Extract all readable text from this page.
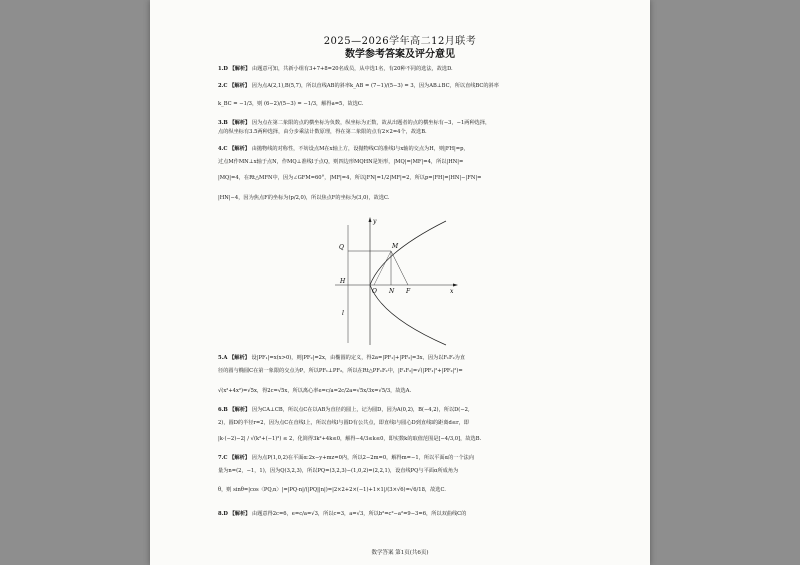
2025—2026学年高二12月联考
数学参考答案及评分意见
1.D 【解析】 由题意可知，共新小组有3+7+8=20名成员，从中选1名，有20种不同的选法，故选D.
2.C 【解析】 因为点A(2,1),B(5,7)，所以直线AB的斜率k_AB = (7−1)/(5−3) = 3，因为AB⊥BC，所以直线BC的斜率
k_BC = −1/3，则 (6−2)/(5−3) = −1/3，解得a=5，故选C.
3.B 【解析】 因为点在第二象限的点的横坐标为负数，纵坐标为正数，故从出题者的点的横坐标有−3，−1两种选择，
点的纵坐标有3.5两种选择，由分步乘法计数原理，得在第二象限的点有2×2=4个，故选B.
4.C 【解析】 由抛物线的对称性，不妨设点M在x轴上方，设抛物线C的准线l与x轴的交点为H，则|FH|=p，
过点M作MN⊥x轴于点N，作MQ⊥准线l于点Q，则四边形MQHN是矩形，|MQ|=|MF|=4，所以|HN|=
|MQ|=4，在Rt△MFN中，因为∠GFM=60°，|MF|=4，所以|FN|=1/2|MF|=2，所以p=|FH|=|HN|−|FN|=
|HN|−4，因为焦点F的坐标为(p/2,0)，所以焦点F的坐标为(3,0)，故选C.
Q	M
H
O N F	x
y
l
5.A 【解析】 设|PF₁|=x(x>0)，则|PF₂|=2x，由椭圆的定义，得2a=|PF₁|+|PF₂|=3x，因为以F₁F₂为直
径的圆与椭圆C在第一象限的交点为P，所以PF₁⊥PF₂，所以在Rt△PF₁F₂中，|F₁F₂|=√(|PF₁|²+|PF₂|²)=
√(x²+4x²)=√5x，得2c=√5x，所以离心率e=c/a=2c/2a=√5x/3x=√5/3，故选A.
6.B 【解析】 因为CA⊥CB，所以点C在以AB为直径的圆上，记为圆D，因为A(0,2)，B(−4,2)，所以D(−2,
2)，圆D的半径r=2，因为点C在直线l上，所以直线l与圆D有公共点，即直线l与圆心D到直线l的距离d≤r，即
|k·(−2)−2| / √(k²+(−1)²) ≤ 2，化简得3k²+4k≤0，解得−4/3≤k≤0，即实数k的取值范围是[−4/3,0]，故选B.
7.C 【解析】 因为点P(1,0,2)在平面α:2x−y+mz=0内，所以2−2m=0，解得m=−1，所以平面α的一个法向
量为n=(2，−1，1)，因为Q(3,2,3)，所以PQ=(3,2,3)−(1,0,2)=(2,2,1)，设直线PQ与平面α所成角为
θ，则 sinθ=|cos〈PQ,n〉|=|PQ·n|/(|PQ||n|)=|2×2+2×(−1)+1×1|/(3×√6)=√6/18，故选C.
8.D 【解析】 由题意得2c=6，e=c/a=√3，所以c=3，a=√3，所以b²=c²−a²=9−3=6，所以双曲线C的
数学答案 第1页(共6页)
